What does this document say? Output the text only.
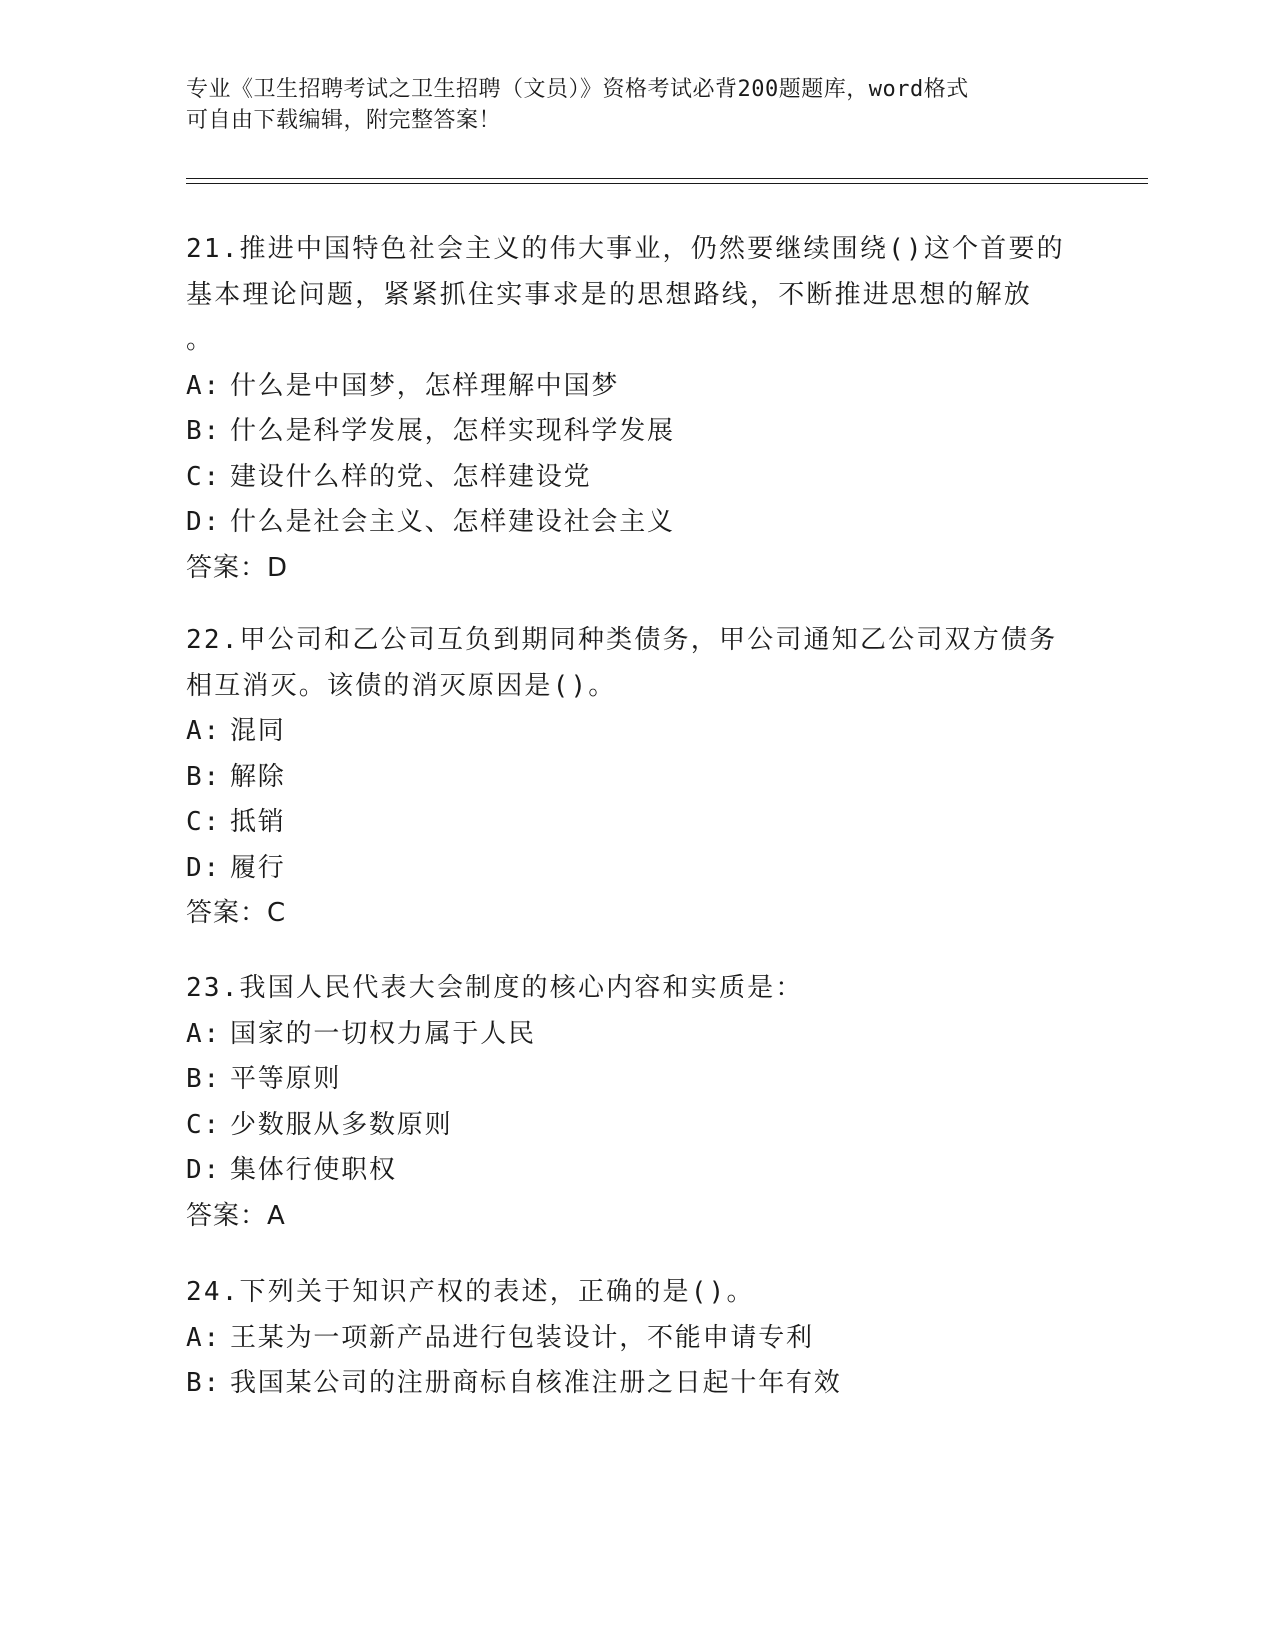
专业《卫生招聘考试之卫生招聘（文员）》资格考试必背200题题库，word格式
可自由下载编辑，附完整答案！
21.推进中国特色社会主义的伟大事业，仍然要继续围绕()这个首要的
基本理论问题，紧紧抓住实事求是的思想路线，不断推进思想的解放
。
A: 什么是中国梦，怎样理解中国梦
B: 什么是科学发展，怎样实现科学发展
C: 建设什么样的党、怎样建设党
D: 什么是社会主义、怎样建设社会主义
答案：D
22.甲公司和乙公司互负到期同种类债务，甲公司通知乙公司双方债务
相互消灭。该债的消灭原因是()。
A: 混同
B: 解除
C: 抵销
D: 履行
答案：C
23.我国人民代表大会制度的核心内容和实质是：
A: 国家的一切权力属于人民
B: 平等原则
C: 少数服从多数原则
D: 集体行使职权
答案：A
24.下列关于知识产权的表述，正确的是()。
A: 王某为一项新产品进行包装设计，不能申请专利
B: 我国某公司的注册商标自核准注册之日起十年有效
